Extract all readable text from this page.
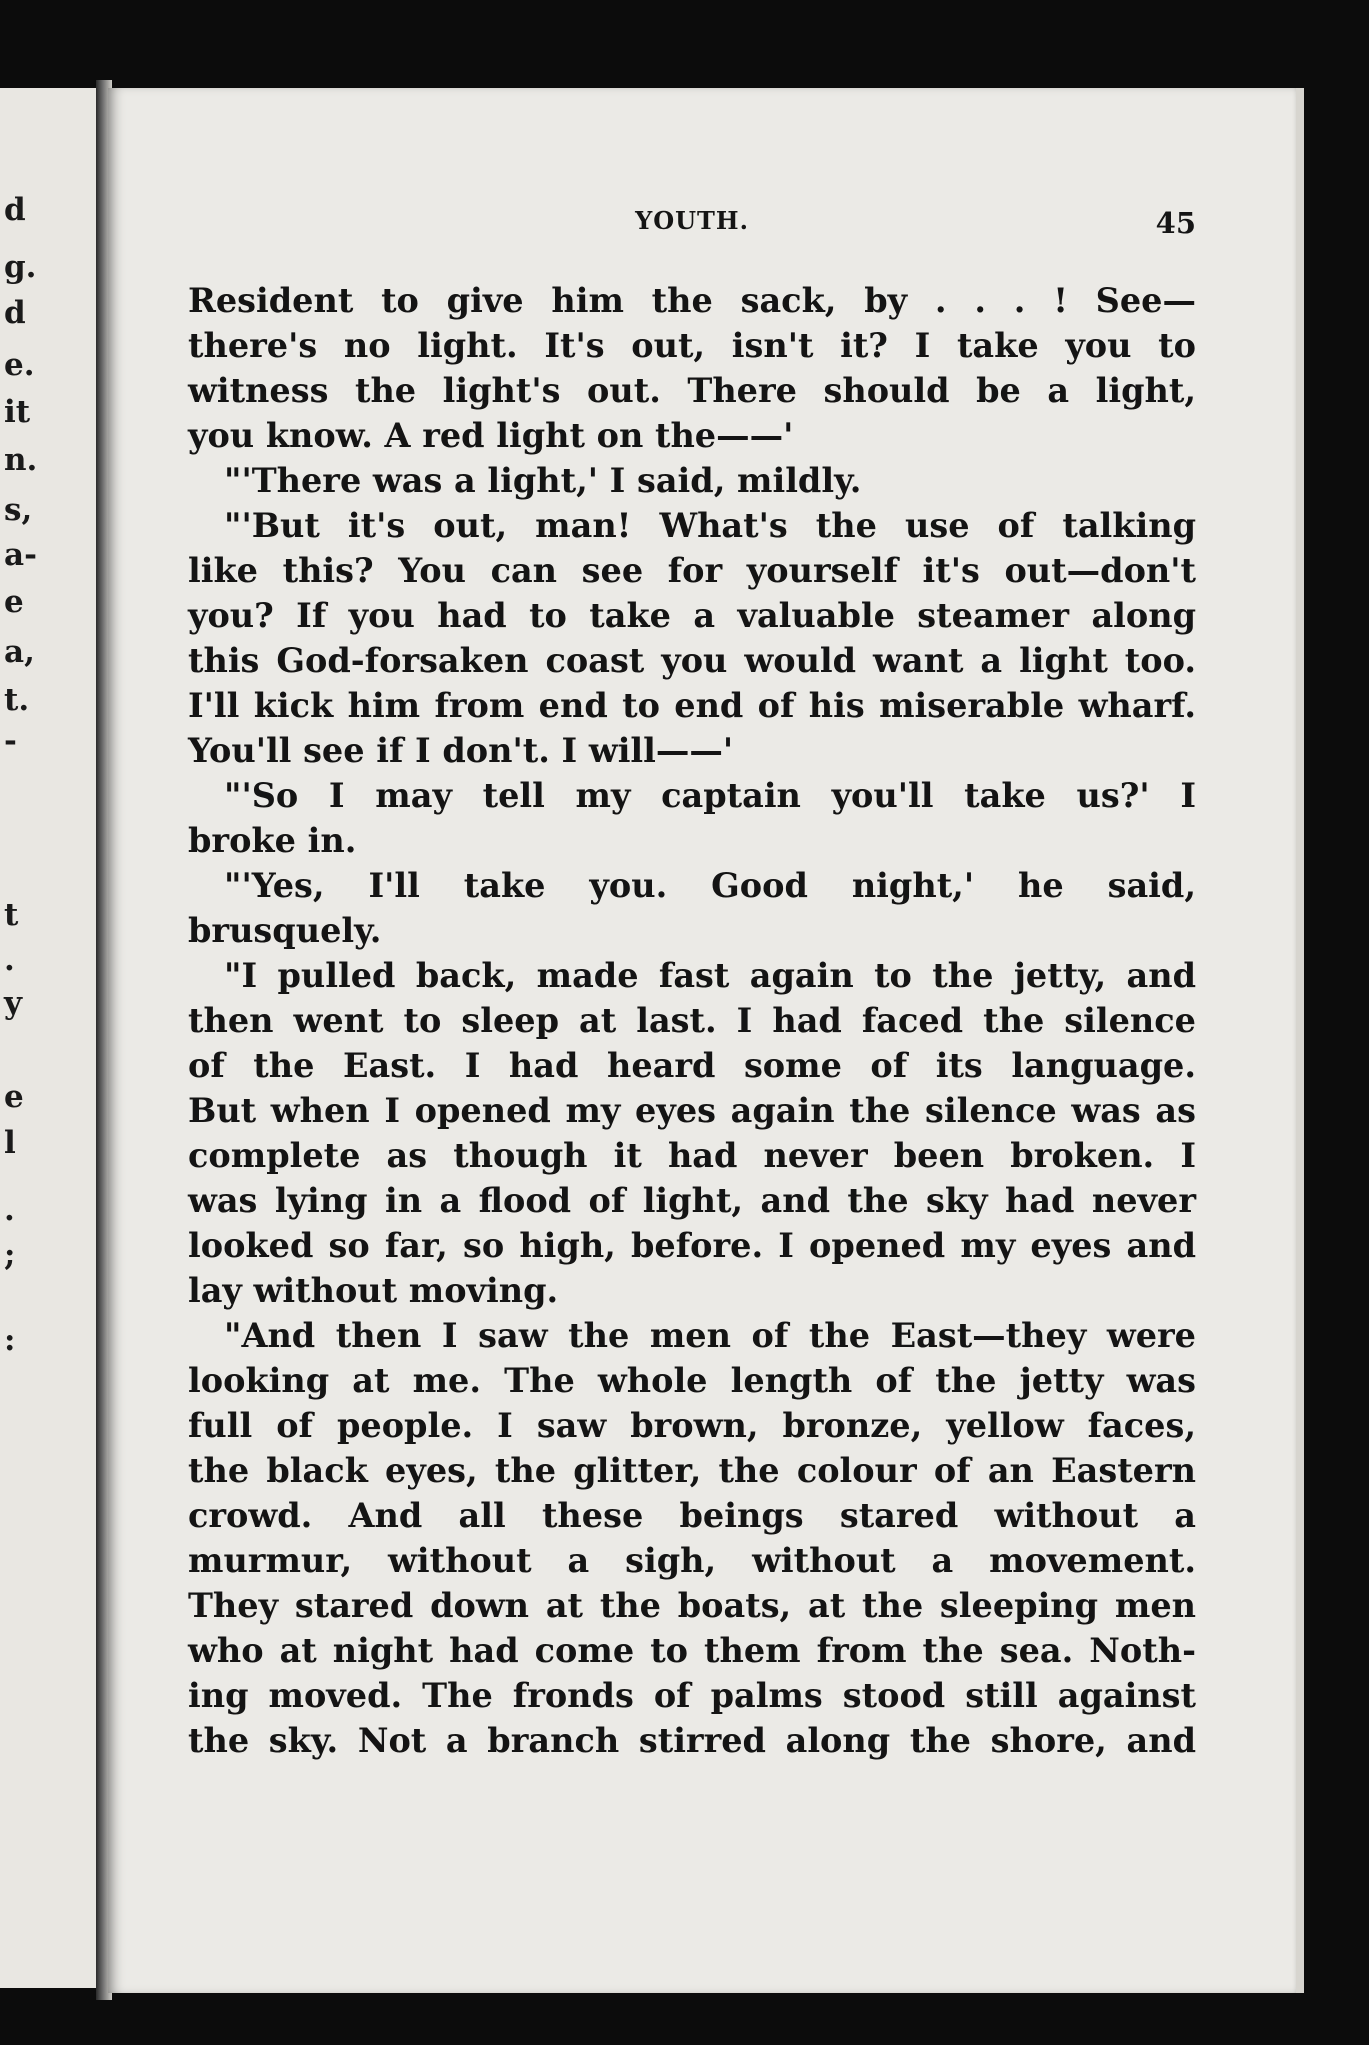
d
g.
d
e.
it
n.
s,
a-
e
a,
t.
-
t
.
y
e
l
.
;
:
YOUTH.	45
Resident to give him the sack, by . . . ! See—
there's no light. It's out, isn't it? I take you to
witness the light's out. There should be a light,
you know. A red light on the——'
"'There was a light,' I said, mildly.
"'But it's out, man! What's the use of talking
like this? You can see for yourself it's out—don't
you? If you had to take a valuable steamer along
this God-forsaken coast you would want a light too.
I'll kick him from end to end of his miserable wharf.
You'll see if I don't. I will——'
"'So I may tell my captain you'll take us?' I
broke in.
"'Yes, I'll take you. Good night,' he said,
brusquely.
"I pulled back, made fast again to the jetty, and
then went to sleep at last. I had faced the silence
of the East. I had heard some of its language.
But when I opened my eyes again the silence was as
complete as though it had never been broken. I
was lying in a flood of light, and the sky had never
looked so far, so high, before. I opened my eyes and
lay without moving.
"And then I saw the men of the East—they were
looking at me. The whole length of the jetty was
full of people. I saw brown, bronze, yellow faces,
the black eyes, the glitter, the colour of an Eastern
crowd. And all these beings stared without a
murmur, without a sigh, without a movement.
They stared down at the boats, at the sleeping men
who at night had come to them from the sea. Noth-
ing moved. The fronds of palms stood still against
the sky. Not a branch stirred along the shore, and
